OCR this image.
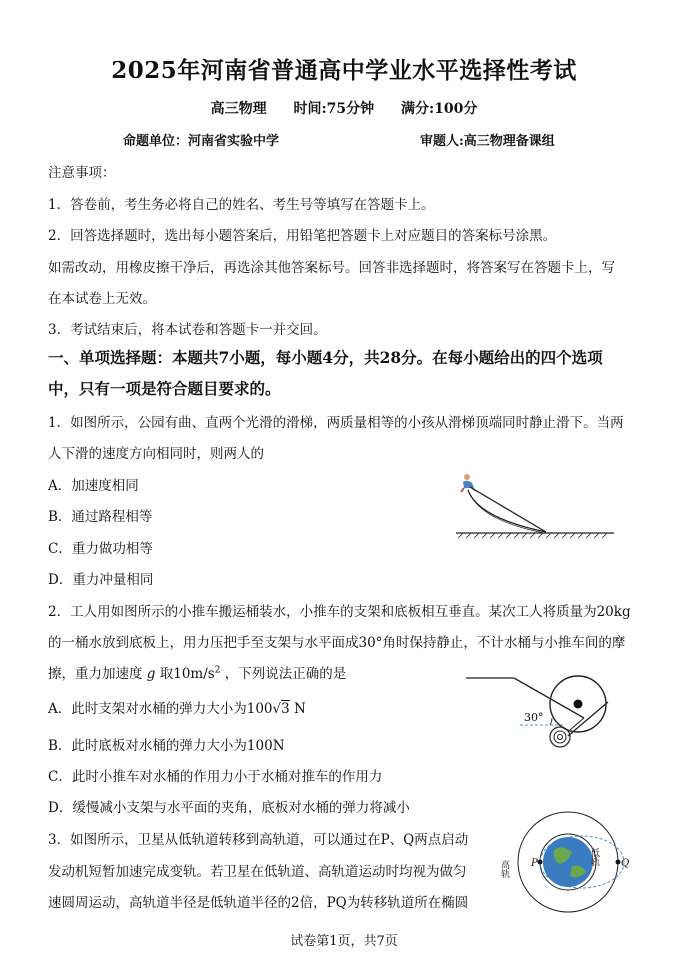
2025年河南省普通高中学业水平选择性考试
高三物理 时间:75分钟 满分:100分
命题单位：河南省实验中学	审题人:高三物理备课组
注意事项：
1．答卷前，考生务必将自己的姓名、考生号等填写在答题卡上。
2．回答选择题时，选出每小题答案后，用铅笔把答题卡上对应题目的答案标号涂黑。
如需改动，用橡皮擦干净后，再选涂其他答案标号。回答非选择题时，将答案写在答题卡上，写
在本试卷上无效。
3．考试结束后，将本试卷和答题卡一并交回。
一、单项选择题：本题共7小题，每小题4分，共28分。在每小题给出的四个选项
中，只有一项是符合题目要求的。
1．如图所示，公园有曲、直两个光滑的滑梯，两质量相等的小孩从滑梯顶端同时静止滑下。当两
人下滑的速度方向相同时，则两人的
A．加速度相同
B．通过路程相等
C．重力做功相等
D．重力冲量相同
2．工人用如图所示的小推车搬运桶装水，小推车的支架和底板相互垂直。某次工人将质量为20kg
的一桶水放到底板上，用力压把手至支架与水平面成30°角时保持静止，不计水桶与小推车间的摩
擦，重力加速度 g 取$10m/s^2$ ，下列说法正确的是
A．此时支架对水桶的弹力大小为100√3 N
B．此时底板对水桶的弹力大小为100N
C．此时小推车对水桶的作用力小于水桶对推车的作用力
D．缓慢减小支架与水平面的夹角，底板对水桶的弹力将减小
30°
3．如图所示，卫星从低轨道转移到高轨道，可以通过在P、Q两点启动
发动机短暂加速完成变轨。若卫星在低轨道、高轨道运动时均视为做匀
速圆周运动，高轨道半径是低轨道半径的2倍，PQ为转移轨道所在椭圆
P	Q
高轨
低轨
试卷第1页，共7页
